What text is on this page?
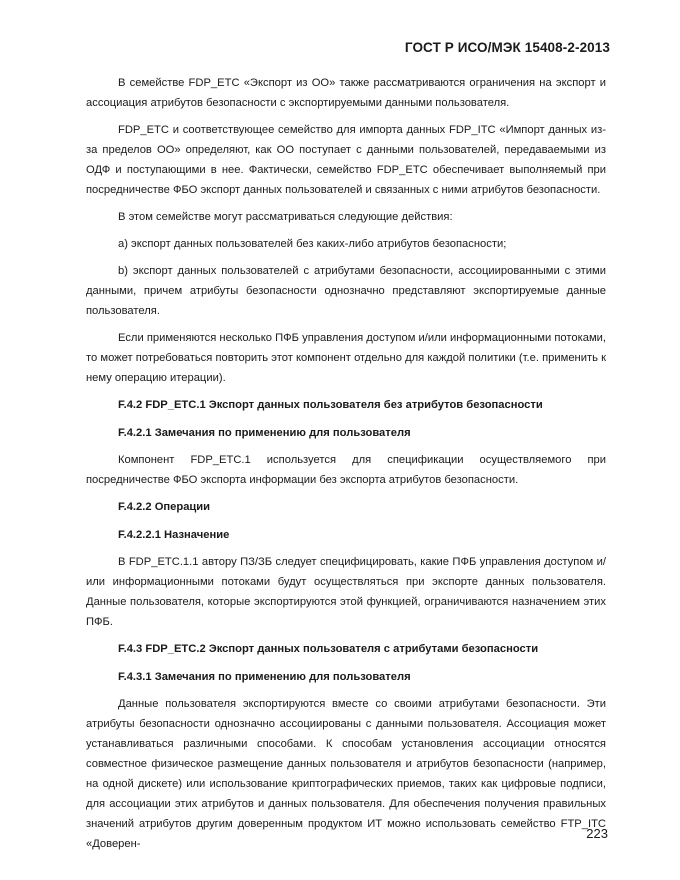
ГОСТ Р ИСО/МЭК 15408-2-2013

В семействе FDP_ETC «Экспорт из ОО» также рассматриваются ограничения на экспорт и ассоциация атрибутов безопасности с экспортируемыми данными пользователя.

FDP_ETC и соответствующее семейство для импорта данных FDP_ITC «Импорт данных из-за пределов ОО» определяют, как ОО поступает с данными пользователей, передаваемыми из ОДФ и поступающими в нее. Фактически, семейство FDP_ETC обеспечивает выполняемый при посредничестве ФБО экспорт данных пользователей и связанных с ними атрибутов безопасности.

В этом семействе могут рассматриваться следующие действия:

а) экспорт данных пользователей без каких-либо атрибутов безопасности;

b) экспорт данных пользователей с атрибутами безопасности, ассоциированными с этими данными, причем атрибуты безопасности однозначно представляют экспортируемые данные пользователя.

Если применяются несколько ПФБ управления доступом и/или информационными потоками, то может потребоваться повторить этот компонент отдельно для каждой политики (т.е. применить к нему операцию итерации).

F.4.2 FDP_ETC.1 Экспорт данных пользователя без атрибутов безопасности

F.4.2.1 Замечания по применению для пользователя

Компонент FDP_ETC.1 используется для спецификации осуществляемого при посредничестве ФБО экспорта информации без экспорта атрибутов безопасности.

F.4.2.2 Операции

F.4.2.2.1 Назначение

В FDP_ETC.1.1 автору ПЗ/ЗБ следует специфицировать, какие ПФБ управления доступом и/или информационными потоками будут осуществляться при экспорте данных пользователя. Данные пользователя, которые экспортируются этой функцией, ограничиваются назначением этих ПФБ.

F.4.3 FDP_ETC.2 Экспорт данных пользователя с атрибутами безопасности

F.4.3.1 Замечания по применению для пользователя

Данные пользователя экспортируются вместе со своими атрибутами безопасности. Эти атрибуты безопасности однозначно ассоциированы с данными пользователя. Ассоциация может устанавливаться различными способами. К способам установления ассоциации относятся совместное физическое размещение данных пользователя и атрибутов безопасности (например, на одной дискете) или использование криптографических приемов, таких как цифровые подписи, для ассоциации этих атрибутов и данных пользователя. Для обеспечения получения правильных значений атрибутов другим доверенным продуктом ИТ можно использовать семейство FTP_ITC «Доверен-

223
